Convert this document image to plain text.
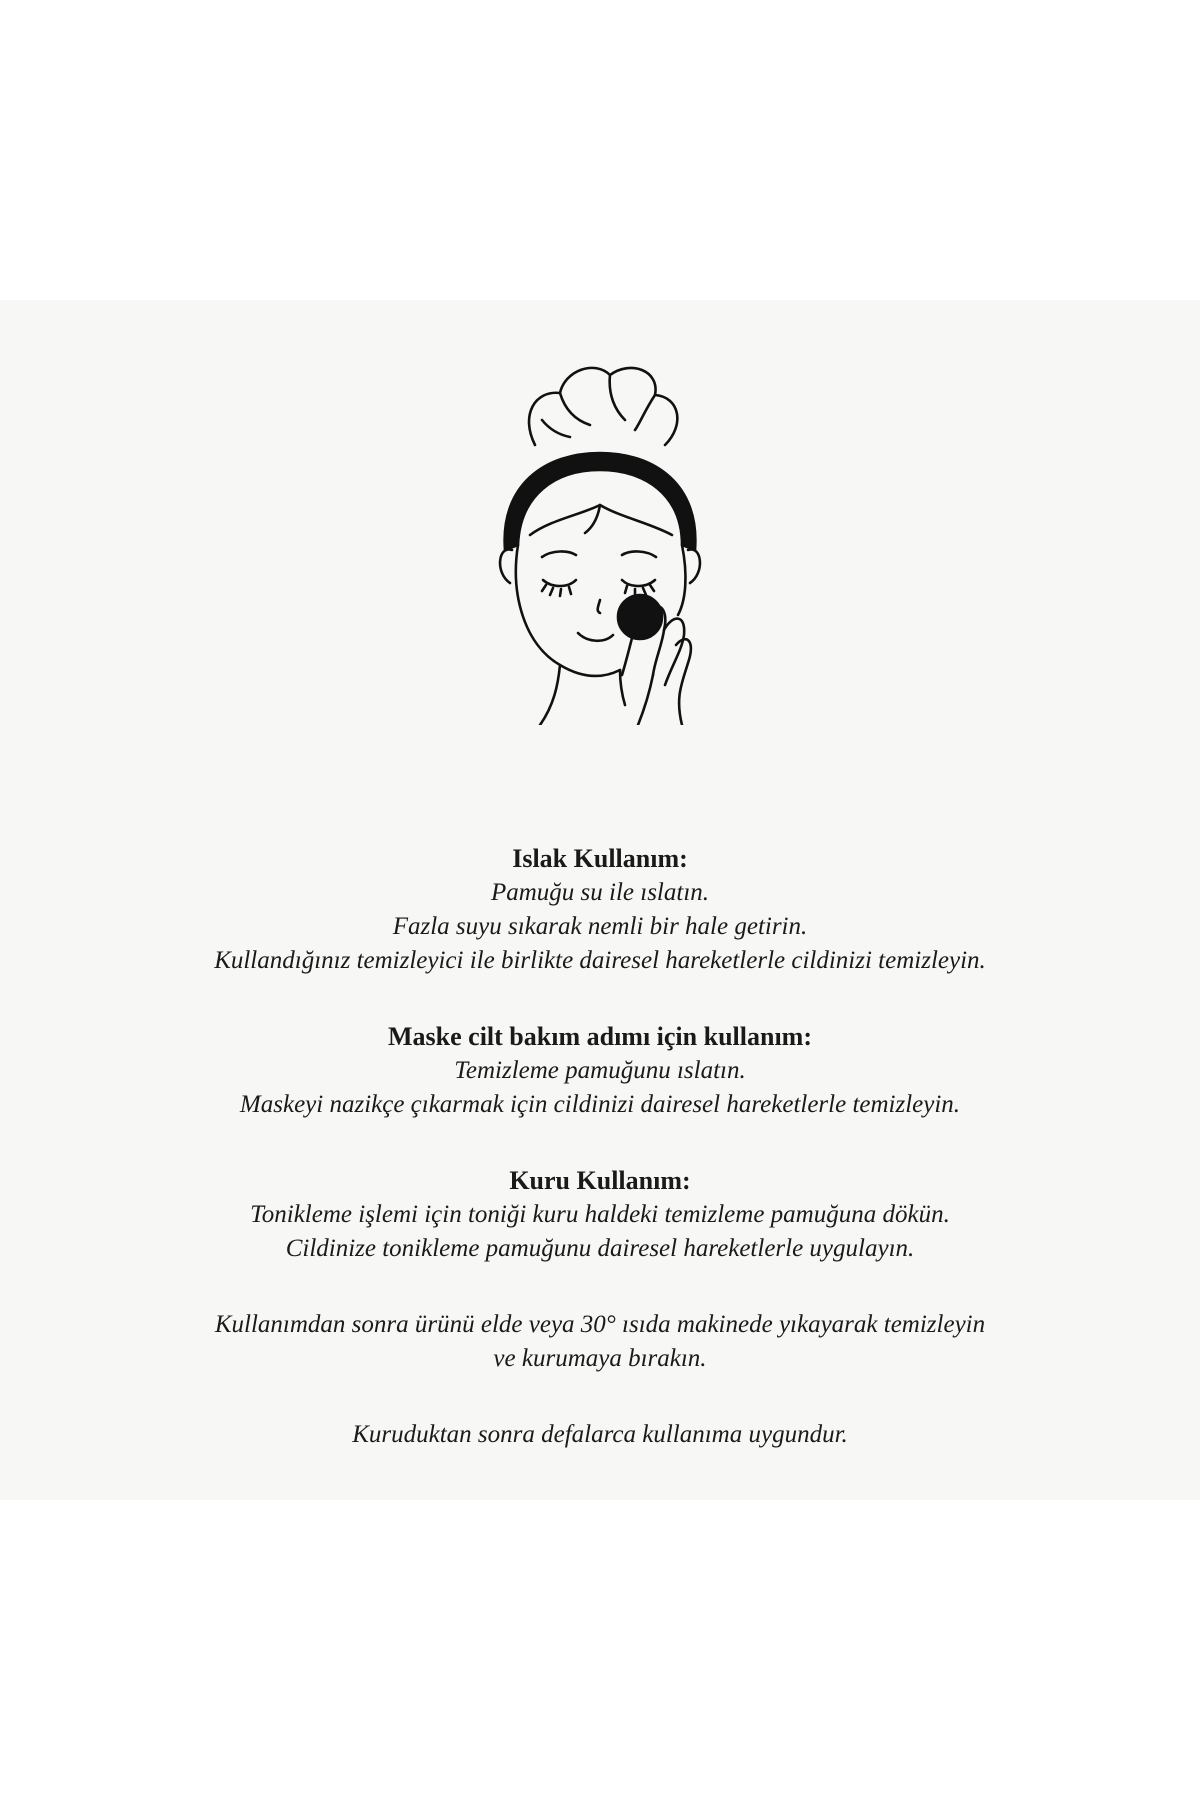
Islak Kullanım:

Pamuğu su ile ıslatın.

Fazla suyu sıkarak nemli bir hale getirin.

Kullandığınız temizleyici ile birlikte dairesel hareketlerle cildinizi temizleyin.

Maske cilt bakım adımı için kullanım:

Temizleme pamuğunu ıslatın.

Maskeyi nazikçe çıkarmak için cildinizi dairesel hareketlerle temizleyin.

Kuru Kullanım:

Tonikleme işlemi için toniği kuru haldeki temizleme pamuğuna dökün.

Cildinize tonikleme pamuğunu dairesel hareketlerle uygulayın.

Kullanımdan sonra ürünü elde veya 30° ısıda makinede yıkayarak temizleyin

ve kurumaya bırakın.

Kuruduktan sonra defalarca kullanıma uygundur.
